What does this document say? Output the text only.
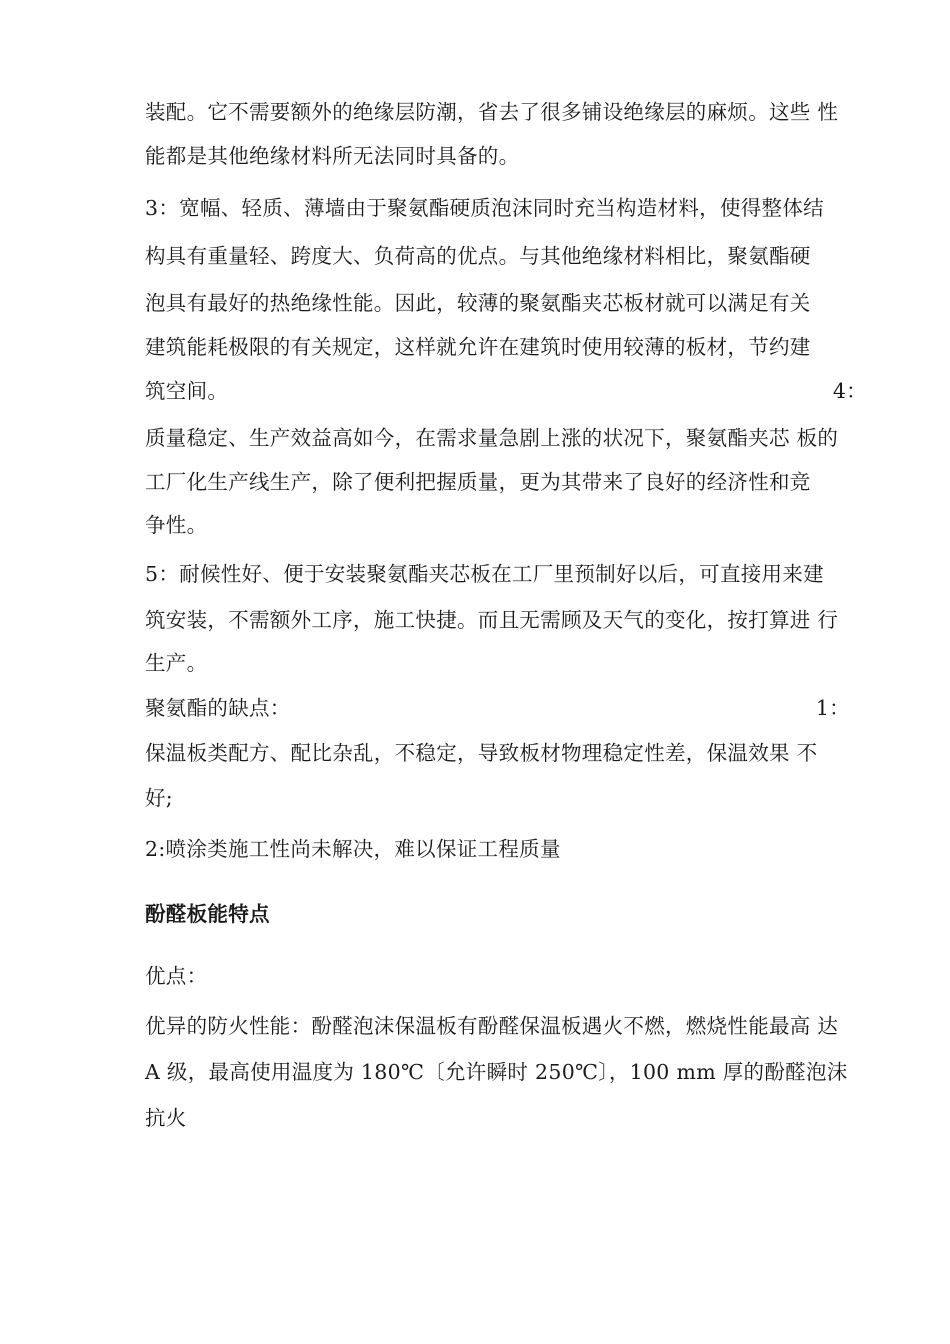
装配。它不需要额外的绝缘层防潮，省去了很多铺设绝缘层的麻烦。这些 性
能都是其他绝缘材料所无法同时具备的。
3：宽幅、轻质、薄墙由于聚氨酯硬质泡沫同时充当构造材料，使得整体结
构具有重量轻、跨度大、负荷高的优点。与其他绝缘材料相比，聚氨酯硬
泡具有最好的热绝缘性能。因此，较薄的聚氨酯夹芯板材就可以满足有关
建筑能耗极限的有关规定，这样就允许在建筑时使用较薄的板材，节约建
筑空间。	4：
质量稳定、生产效益高如今，在需求量急剧上涨的状况下，聚氨酯夹芯 板的
工厂化生产线生产，除了便利把握质量，更为其带来了良好的经济性和竞
争性。
5：耐候性好、便于安装聚氨酯夹芯板在工厂里预制好以后，可直接用来建
筑安装，不需额外工序，施工快捷。而且无需顾及天气的变化，按打算进 行
生产。
聚氨酯的缺点：	1：
保温板类配方、配比杂乱，不稳定，导致板材物理稳定性差，保温效果 不
好;
2:喷涂类施工性尚未解决，难以保证工程质量
酚醛板能特点
优点：
优异的防火性能：酚醛泡沫保温板有酚醛保温板遇火不燃，燃烧性能最高 达
A 级，最高使用温度为 180℃〔允许瞬时 250℃〕，100 mm 厚的酚醛泡沫
抗火
